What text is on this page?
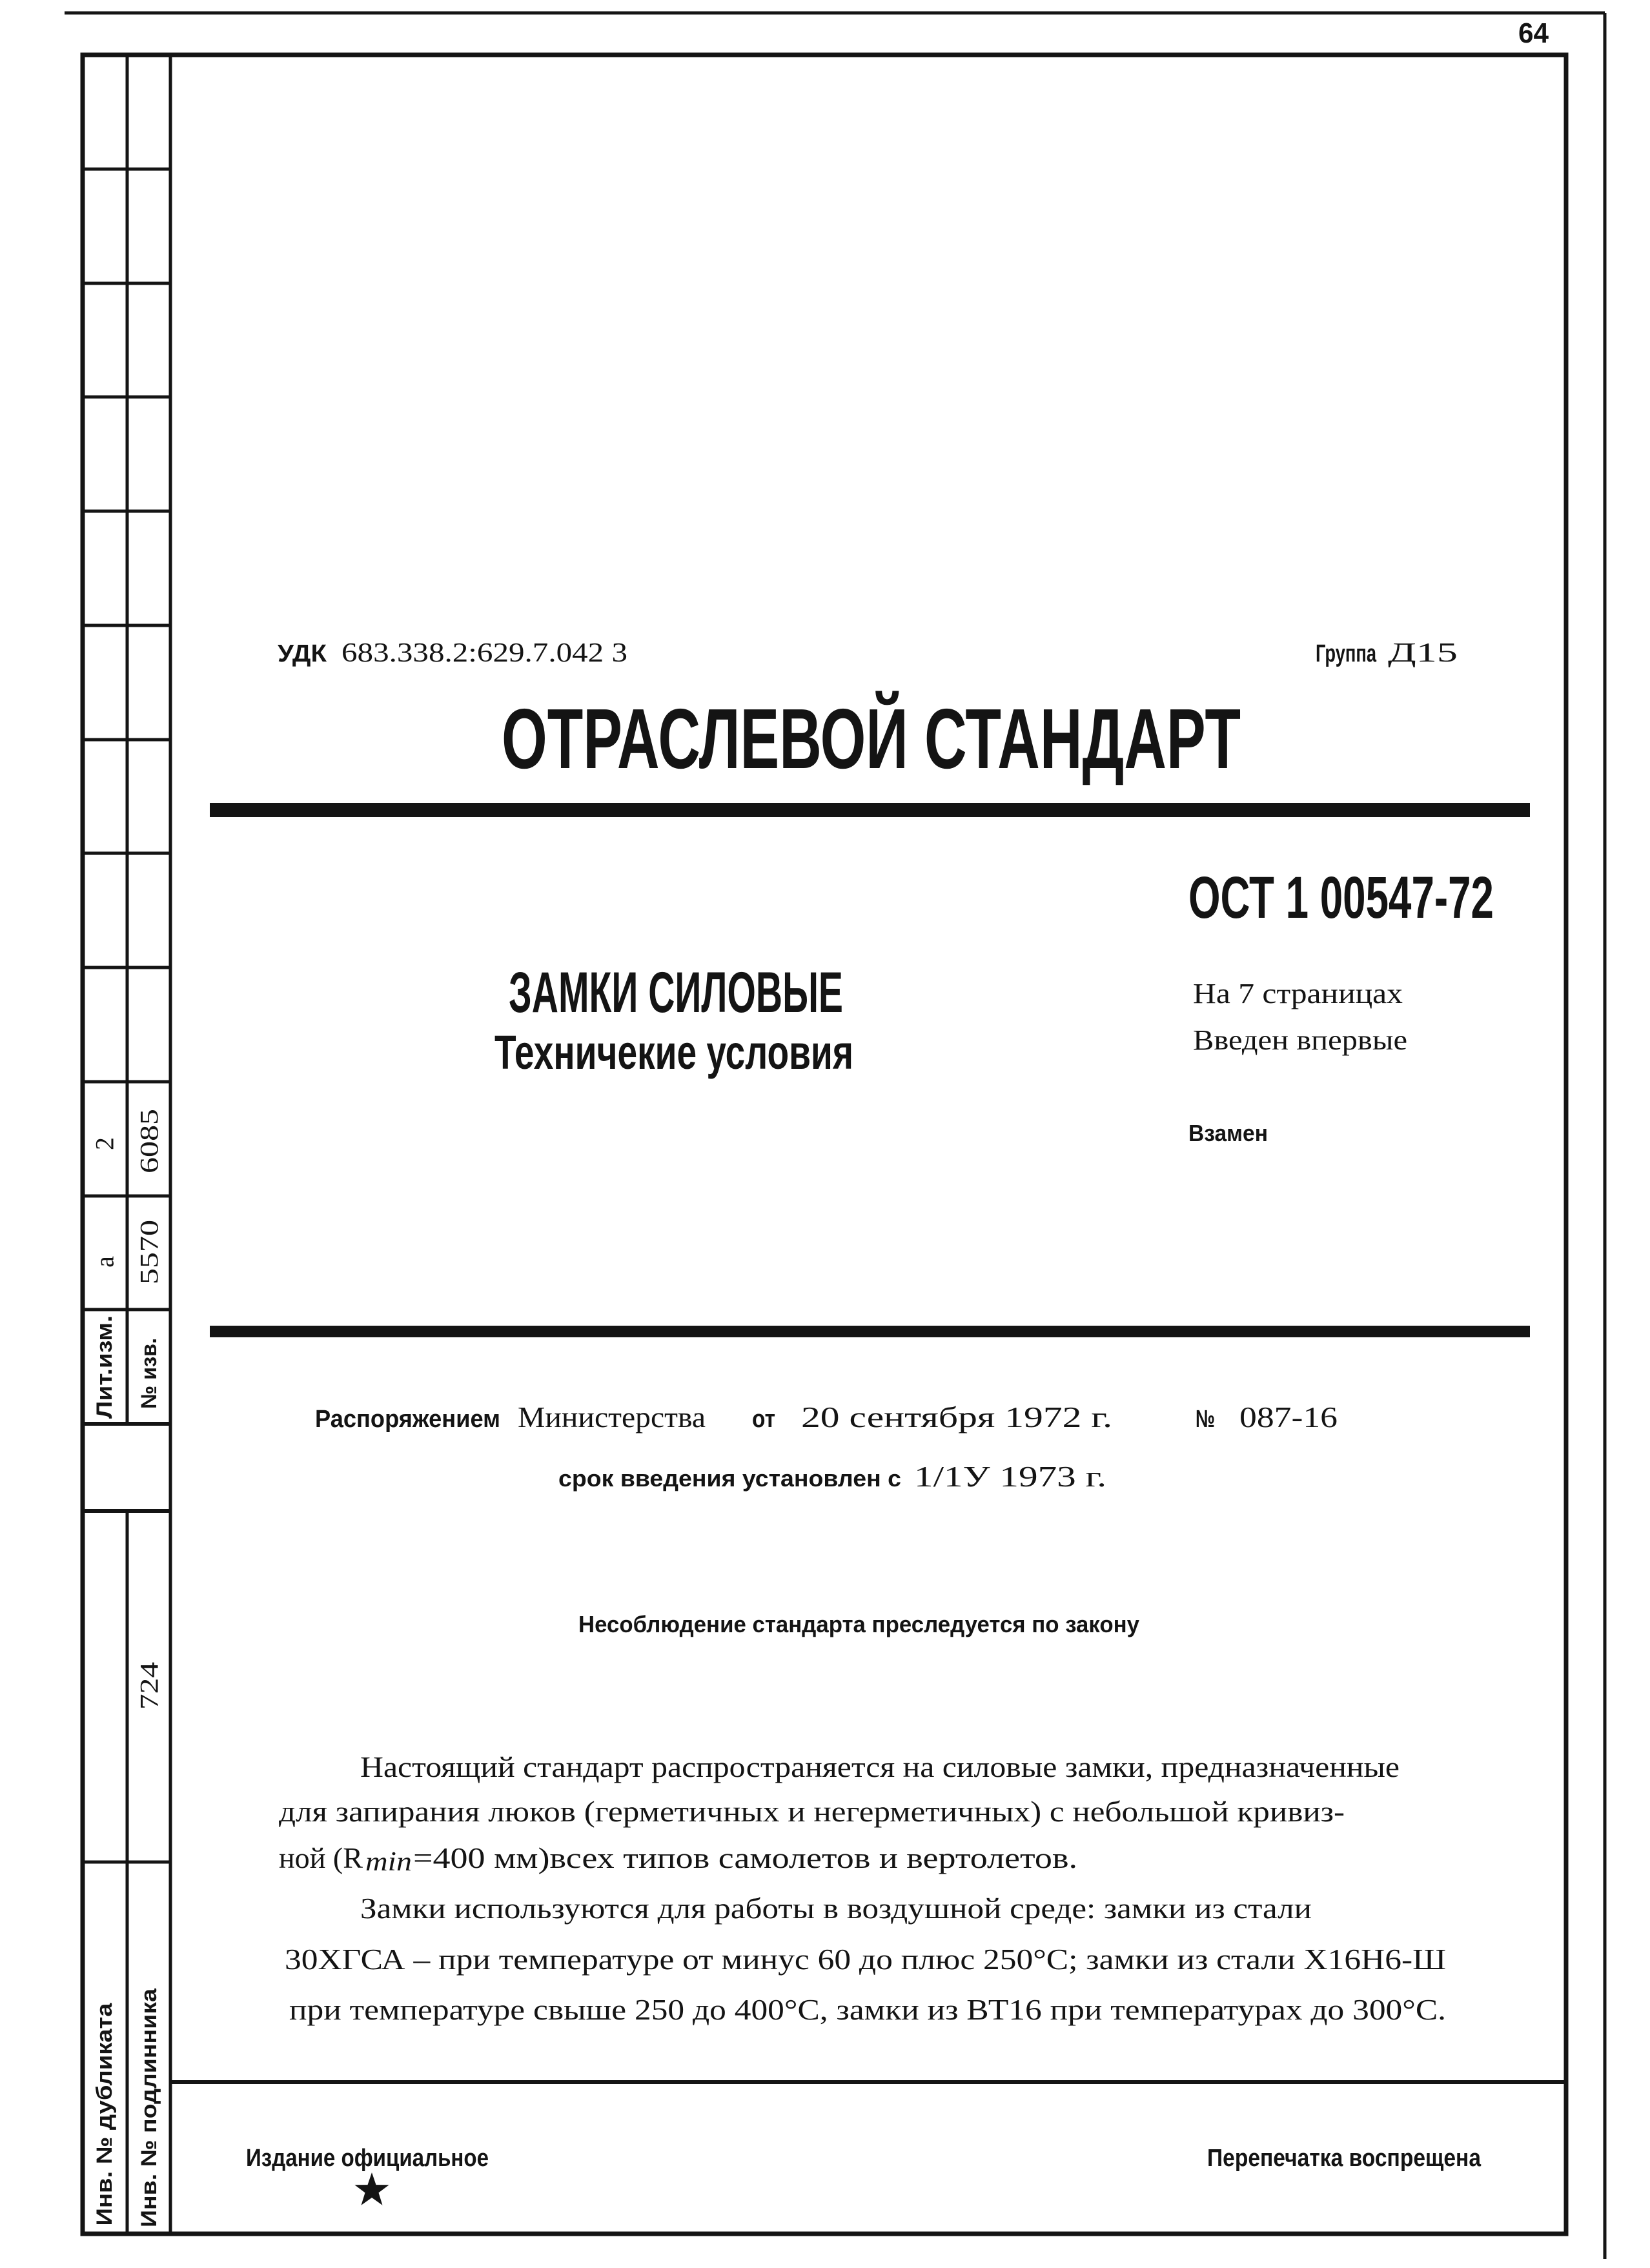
64
2 6085
а 5570
Лит.изм. № изв.
724
Инв. № дубликата Инв. № подлинника
УДК 683.338.2:629.7.042 3	Группа Д15
ОТРАСЛЕВОЙ СТАНДАРТ
ОСТ 1 00547-72
ЗАМКИ СИЛОВЫЕ
Техничекие условия
На 7 страницах
Введен впервые
Взамен
Распоряжением Министерства от 20 сентября 1972 г.	№ 087-16
срок введения установлен с 1/1У 1973 г.
Несоблюдение стандарта преследуется по закону
Настоящий стандарт распространяется на силовые замки, предназначенные
для запирания люков (герметичных и негерметичных) с небольшой кривиз-
ной (R min =400 мм)всех типов самолетов и вертолетов.
Замки используются для работы в воздушной среде: замки из стали
30ХГСА – при температуре от минус 60 до плюс 250°С; замки из стали Х16Н6-Ш
при температуре свыше 250 до 400°С, замки из ВТ16 при температурах до 300°С.
Издание официальное	Перепечатка воспрещена
